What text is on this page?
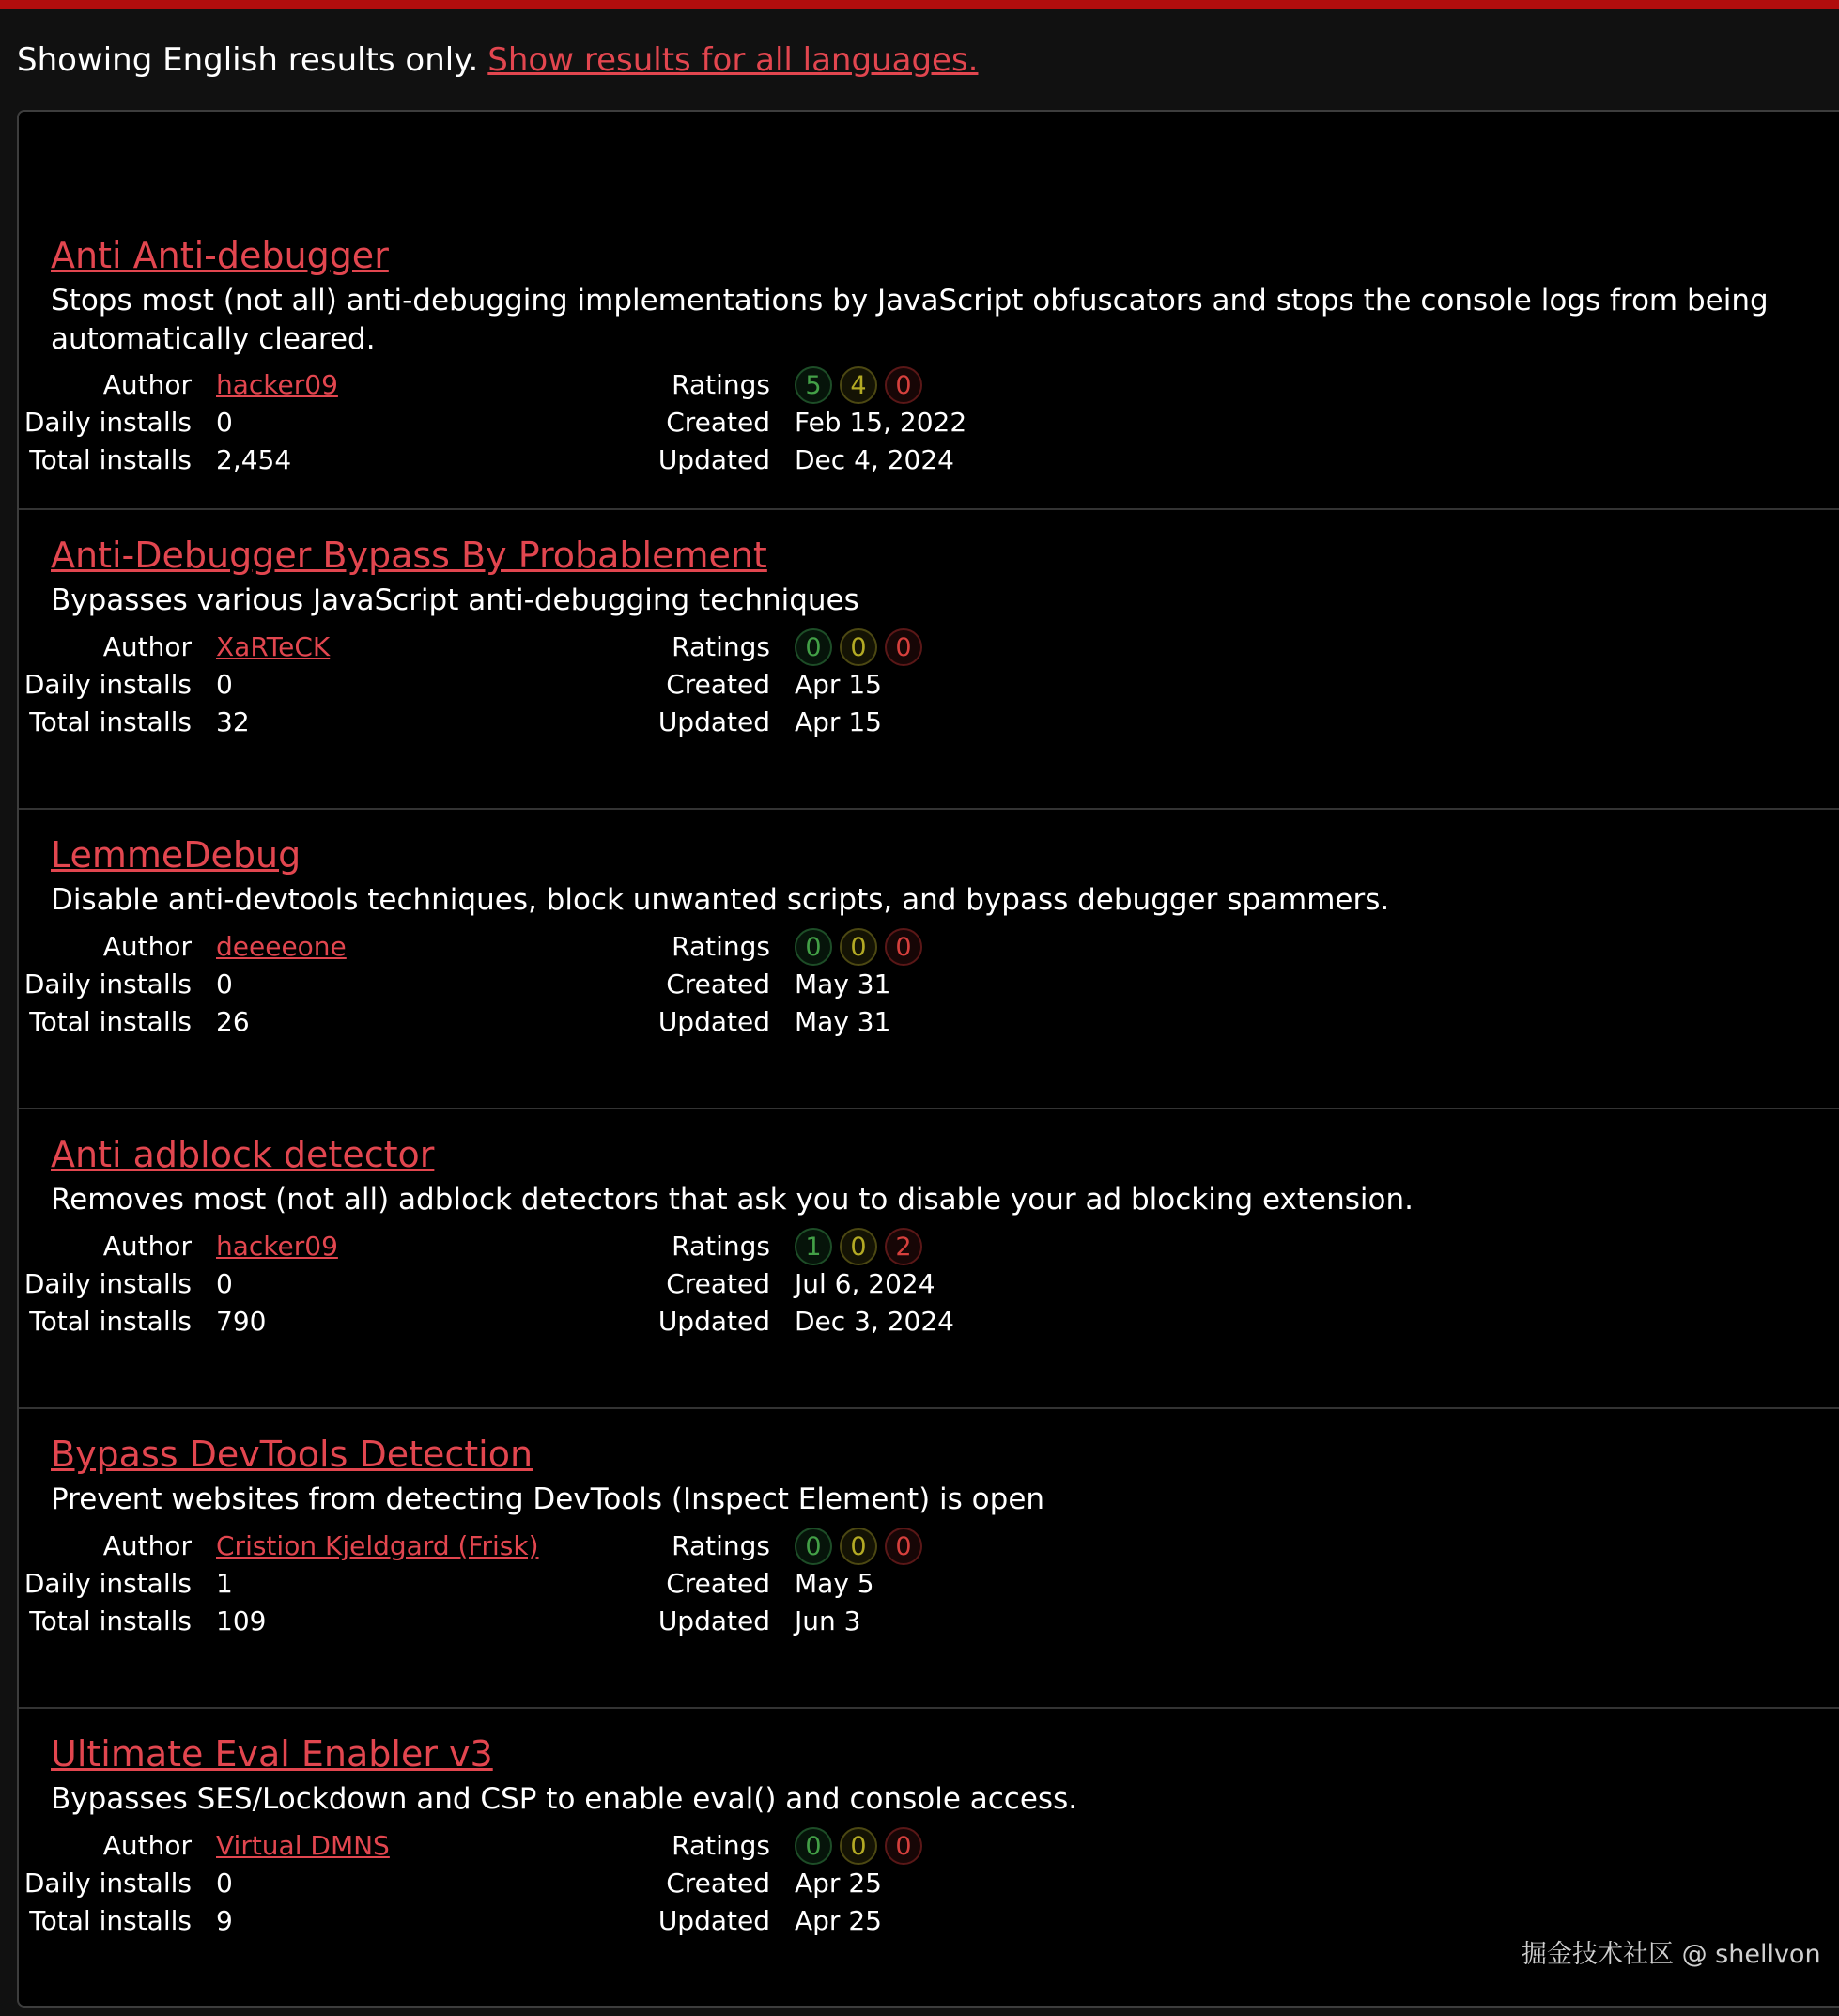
Showing English results only. Show results for all languages.
Anti Anti-debugger
Stops most (not all) anti-debugging implementations by JavaScript obfuscators and stops the console logs from being automatically cleared.
Author hacker09
Daily installs 0
Total installs 2,454
Ratings	5	4	0
Created Feb 15, 2022
Updated Dec 4, 2024
Anti-Debugger Bypass By Probablement
Bypasses various JavaScript anti-debugging techniques
Author XaRTeCK
Daily installs 0
Total installs 32
Ratings	0	0	0
Created Apr 15
Updated Apr 15
LemmeDebug
Disable anti-devtools techniques, block unwanted scripts, and bypass debugger spammers.
Author deeeeone
Daily installs 0
Total installs 26
Ratings	0	0	0
Created May 31
Updated May 31
Anti adblock detector
Removes most (not all) adblock detectors that ask you to disable your ad blocking extension.
Author hacker09
Daily installs 0
Total installs 790
Ratings	1	0	2
Created Jul 6, 2024
Updated Dec 3, 2024
Bypass DevTools Detection
Prevent websites from detecting DevTools (Inspect Element) is open
Author Cristion Kjeldgard (Frisk)
Daily installs 1
Total installs 109
Ratings	0	0	0
Created May 5
Updated Jun 3
Ultimate Eval Enabler v3
Bypasses SES/Lockdown and CSP to enable eval() and console access.
Author Virtual DMNS
Daily installs 0
Total installs 9
Ratings	0	0	0
Created Apr 25
Updated Apr 25
掘金技术社区 @ shellvon
